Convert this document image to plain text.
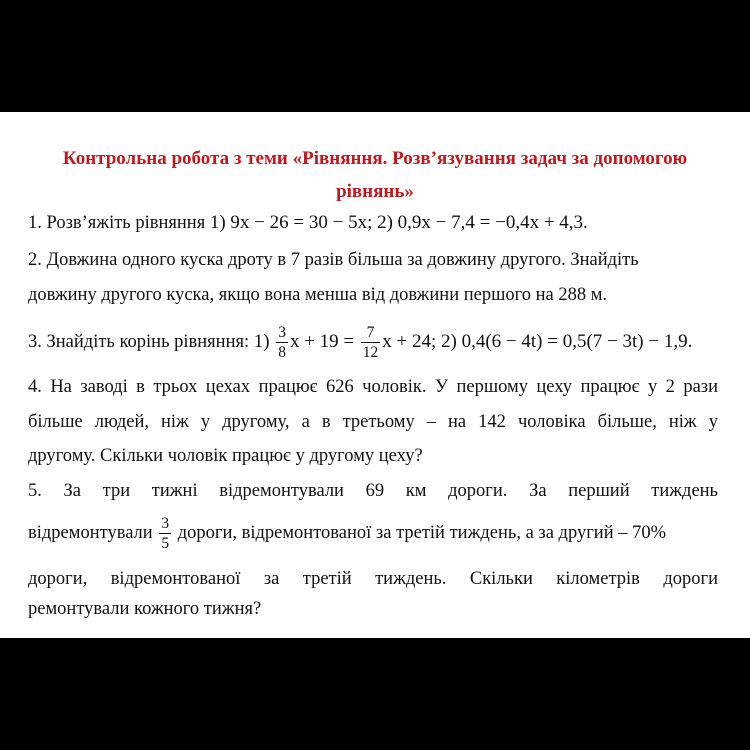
Контрольна робота з теми «Рівняння. Розв’язування задач за допомогою рівнянь»
1. Розв’яжіть рівняння 1) 9x − 26 = 30 − 5x; 2) 0,9x − 7,4 = −0,4x + 4,3.
2. Довжина одного куска дроту в 7 разів більша за довжину другого. Знайдіть
довжину другого куска, якщо вона менша від довжини першого на 288 м.
3. Знайдіть корінь рівняння: $1) \frac{3}{8}$ $x + 19 = \frac{7}{12}$ x + 24; 2) 0,4(6 − 4t) = 0,5(7 − 3t) − 1,9.
4. На заводі в трьох цехах працює 626 чоловік. У першому цеху працює у 2 рази
більше людей, ніж у другому, а в третьому – на 142 чоловіка більше, ніж у
другому. Скільки чоловік працює у другому цеху?
5. За три тижні відремонтували 69 км дороги. За перший тиждень
відремонтували $\frac{3}{5}$ дороги, відремонтованої за третій тиждень, а за другий – 70%
дороги, відремонтованої за третій тиждень. Скільки кілометрів дороги
ремонтували кожного тижня?
